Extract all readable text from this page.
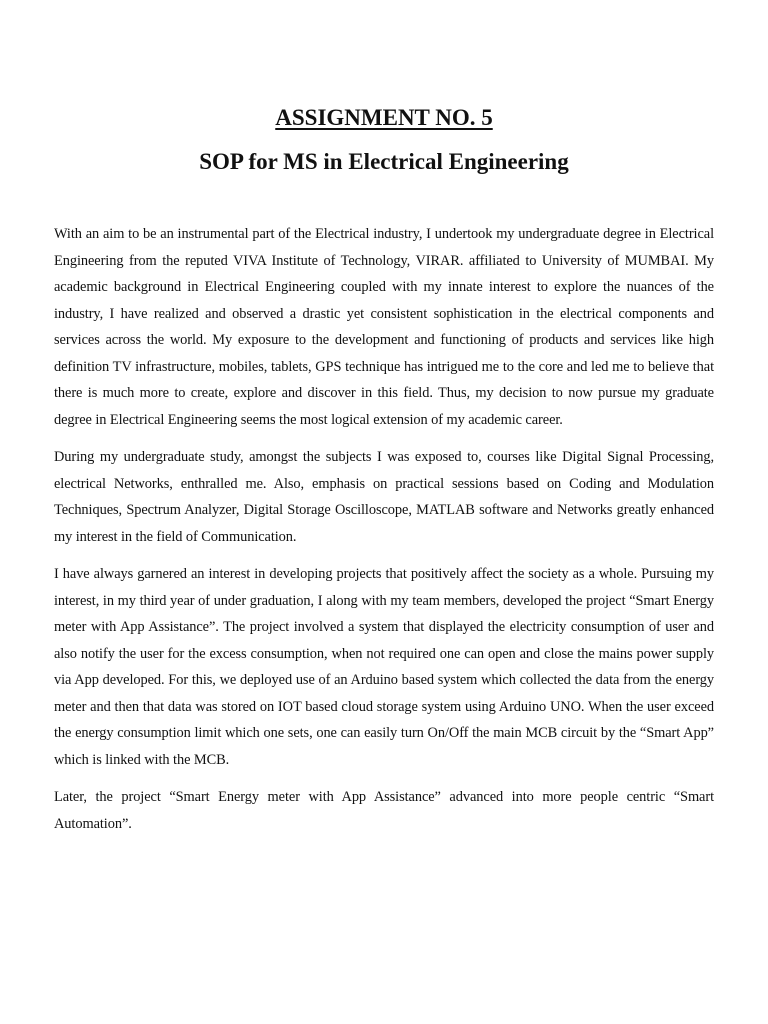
ASSIGNMENT NO. 5
SOP for MS in Electrical Engineering

With an aim to be an instrumental part of the Electrical industry, I undertook my undergraduate degree in Electrical Engineering from the reputed VIVA Institute of Technology, VIRAR. affiliated to University of MUMBAI. My academic background in Electrical Engineering coupled with my innate interest to explore the nuances of the industry, I have realized and observed a drastic yet consistent sophistication in the electrical components and services across the world. My exposure to the development and functioning of products and services like high definition TV infrastructure, mobiles, tablets, GPS technique has intrigued me to the core and led me to believe that there is much more to create, explore and discover in this field. Thus, my decision to now pursue my graduate degree in Electrical Engineering seems the most logical extension of my academic career.

During my undergraduate study, amongst the subjects I was exposed to, courses like Digital Signal Processing, electrical Networks, enthralled me. Also, emphasis on practical sessions based on Coding and Modulation Techniques, Spectrum Analyzer, Digital Storage Oscilloscope, MATLAB software and Networks greatly enhanced my interest in the field of Communication.

I have always garnered an interest in developing projects that positively affect the society as a whole. Pursuing my interest, in my third year of under graduation, I along with my team members, developed the project “Smart Energy meter with App Assistance”. The project involved a system that displayed the electricity consumption of user and also notify the user for the excess consumption, when not required one can open and close the mains power supply via App developed. For this, we deployed use of an Arduino based system which collected the data from the energy meter and then that data was stored on IOT based cloud storage system using Arduino UNO. When the user exceed the energy consumption limit which one sets, one can easily turn On/Off the main MCB circuit by the “Smart App” which is linked with the MCB.

Later, the project “Smart Energy meter with App Assistance” advanced into more people centric “Smart Automation”.
